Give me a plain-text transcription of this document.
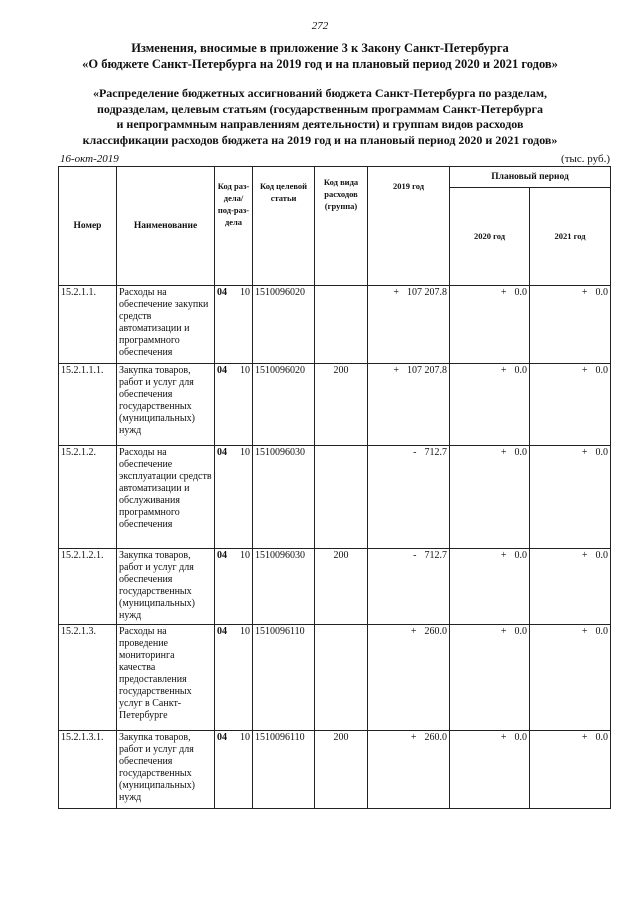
272
Изменения, вносимые в приложение 3 к Закону Санкт-Петербурга
«О бюджете Санкт-Петербурга на 2019 год и на плановый период 2020 и 2021 годов»
«Распределение бюджетных ассигнований бюджета Санкт-Петербурга по разделам,
подразделам, целевым статьям (государственным программам Санкт-Петербурга
и непрограммным направлениям деятельности) и группам видов расходов
классификации расходов бюджета на 2019 год и на плановый период 2020 и 2021 годов»
16-окт-2019	(тыс. руб.)
Номер	Наименование	Код раз-дела/ под-раз-дела		Код целевой статьи	Код вида расходов (группа)	2019 год	Плановый период	
							2020 год	2021 год
15.2.1.1.	Расходы на обеспечение закупки средств автоматизации и программного обеспечения	04	10	1510096020		+ 107 207.8	+ 0.0	+ 0.0
15.2.1.1.1.	Закупка товаров, работ и услуг для обеспечения государственных (муниципальных) нужд	04	10	1510096020	200	+ 107 207.8	+ 0.0	+ 0.0
15.2.1.2.	Расходы на обеспечение эксплуатации средств автоматизации и обслуживания программного обеспечения	04	10	1510096030		- 712.7	+ 0.0	+ 0.0
15.2.1.2.1.	Закупка товаров, работ и услуг для обеспечения государственных (муниципальных) нужд	04	10	1510096030	200	- 712.7	+ 0.0	+ 0.0
15.2.1.3.	Расходы на проведение мониторинга качества предоставления государственных услуг в Санкт-Петербурге	04	10	1510096110		+ 260.0	+ 0.0	+ 0.0
15.2.1.3.1.	Закупка товаров, работ и услуг для обеспечения государственных (муниципальных) нужд	04	10	1510096110	200	+ 260.0	+ 0.0	+ 0.0
